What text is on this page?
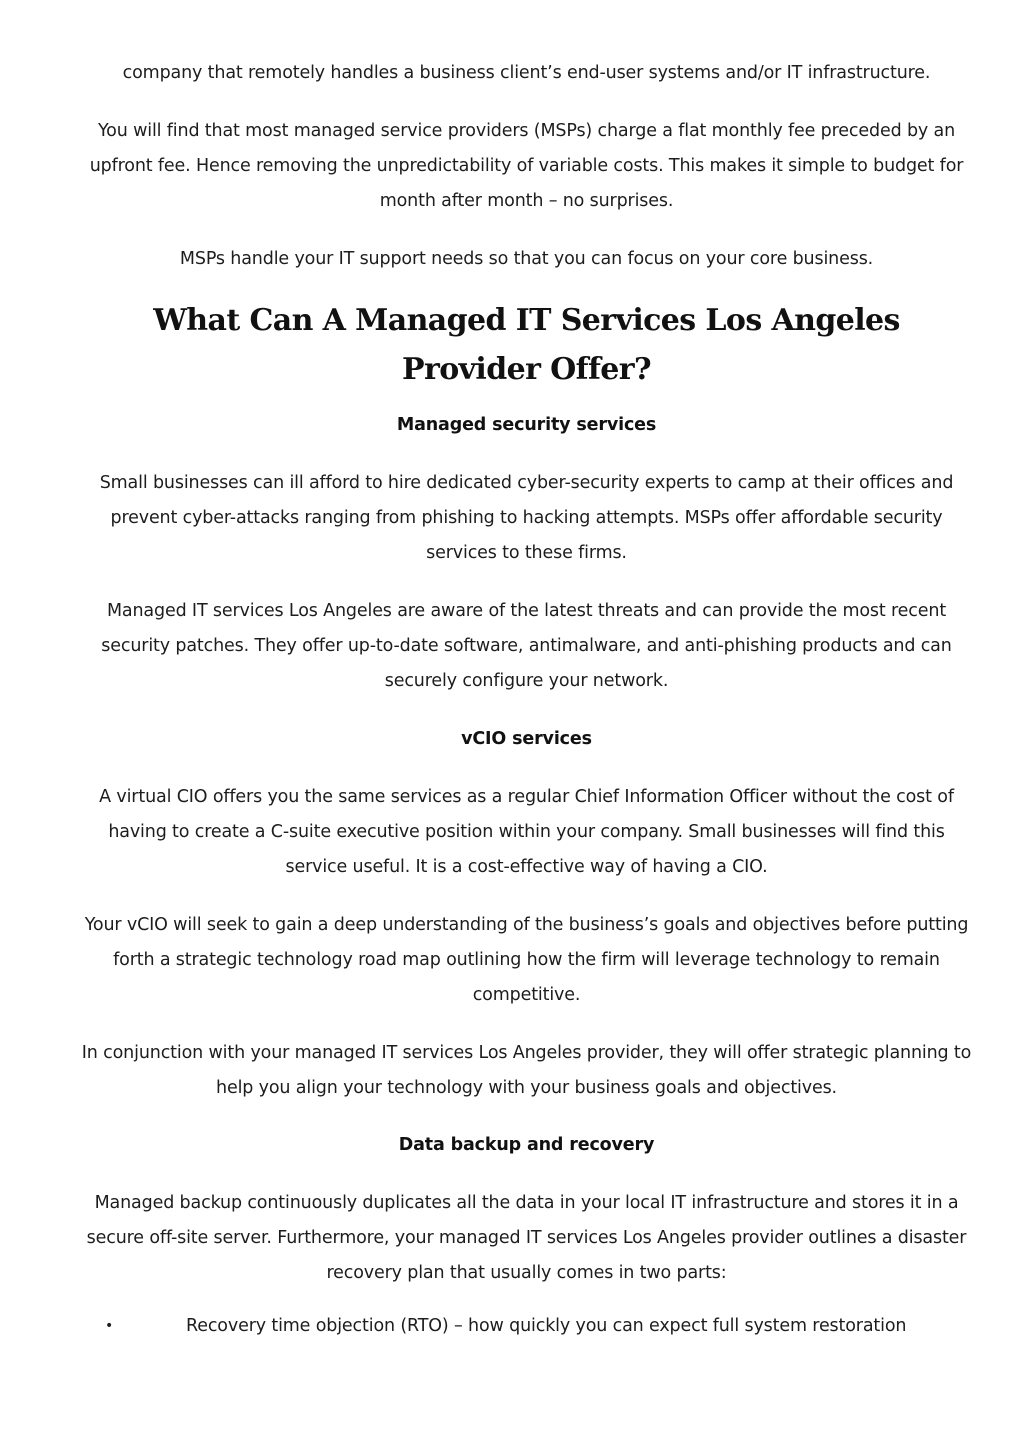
company that remotely handles a business client’s end-user systems and/or IT infrastructure.

You will find that most managed service providers (MSPs) charge a flat monthly fee preceded by an upfront fee. Hence removing the unpredictability of variable costs. This makes it simple to budget for month after month – no surprises.

MSPs handle your IT support needs so that you can focus on your core business.

What Can A Managed IT Services Los Angeles Provider Offer?
Managed security services

Small businesses can ill afford to hire dedicated cyber-security experts to camp at their offices and prevent cyber-attacks ranging from phishing to hacking attempts. MSPs offer affordable security services to these firms.

Managed IT services Los Angeles are aware of the latest threats and can provide the most recent security patches. They offer up-to-date software, antimalware, and anti-phishing products and can securely configure your network.

vCIO services

A virtual CIO offers you the same services as a regular Chief Information Officer without the cost of having to create a C-suite executive position within your company. Small businesses will find this service useful. It is a cost-effective way of having a CIO.

Your vCIO will seek to gain a deep understanding of the business’s goals and objectives before putting forth a strategic technology road map outlining how the firm will leverage technology to remain competitive.

In conjunction with your managed IT services Los Angeles provider, they will offer strategic planning to help you align your technology with your business goals and objectives.

Data backup and recovery

Managed backup continuously duplicates all the data in your local IT infrastructure and stores it in a secure off-site server. Furthermore, your managed IT services Los Angeles provider outlines a disaster recovery plan that usually comes in two parts:

•	Recovery time objection (RTO) – how quickly you can expect full system restoration
